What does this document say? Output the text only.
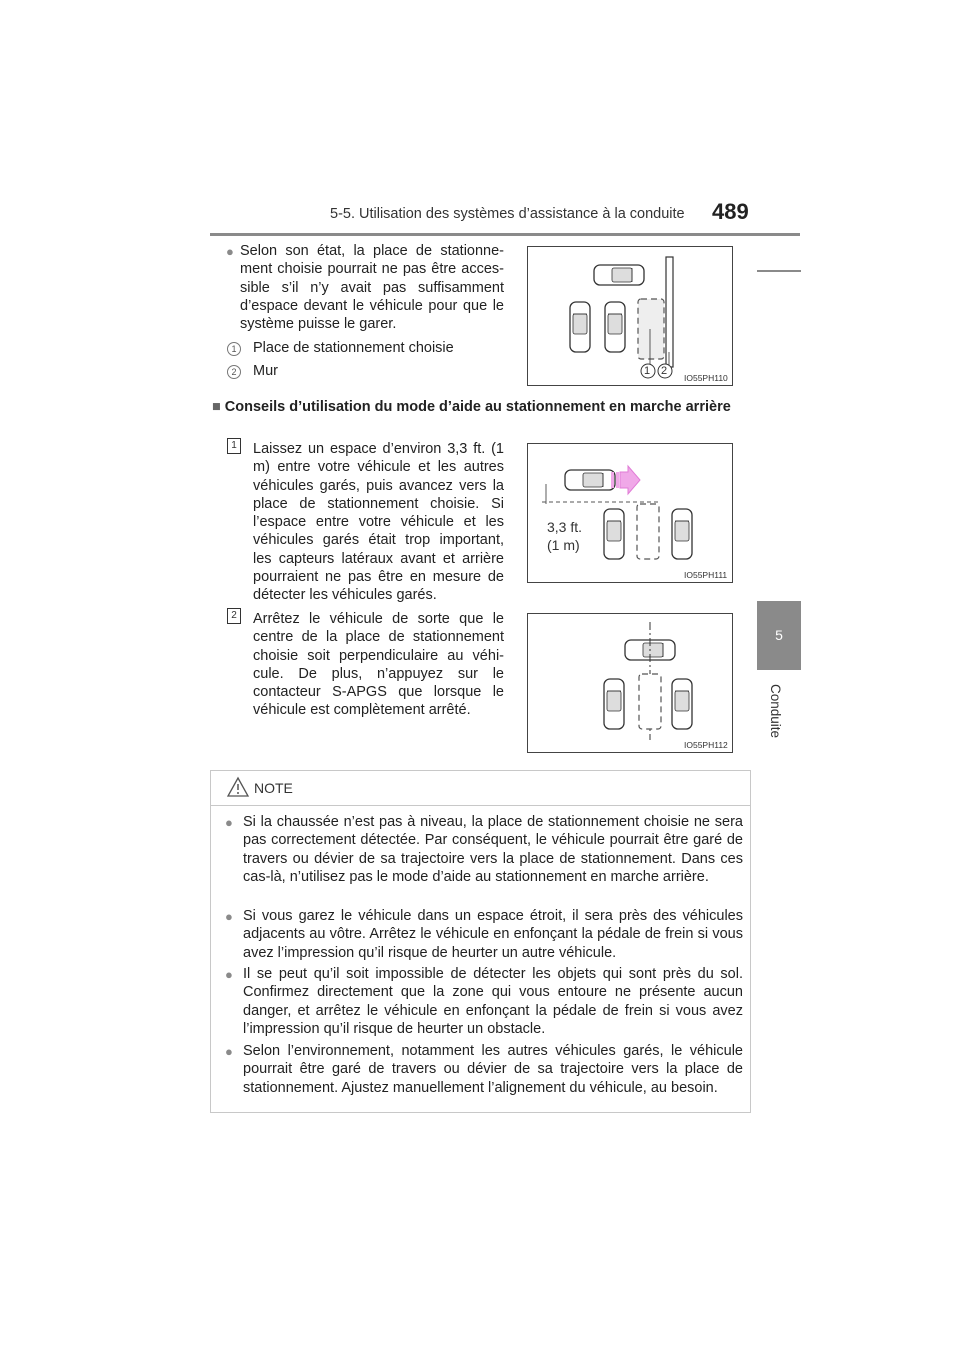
5-5. Utilisation des systèmes d’assistance à la conduite 489
5
Conduite
● Selon son état, la place de stationne-ment choisie pourrait ne pas être acces-sible s’il n’y avait pas suffisamment d’espace devant le véhicule pour que le système puisse le garer.
1	Place de stationnement choisie
2	Mur	1 2
IO55PH110
■ Conseils d’utilisation du mode d’aide au stationnement en marche arrière
1 Laissez un espace d’environ 3,3 ft. (1 m) entre votre véhicule et les autres véhicules garés, puis avancez vers la place de stationnement choisie. Si l’espace entre votre véhicule et les véhicules garés était trop important, les capteurs latéraux avant et arrière pourraient ne pas être en mesure de détecter les véhicules garés.
3,3 ft.
(1 m)
IO55PH111
2 Arrêtez le véhicule de sorte que le centre de la place de stationnement choisie soit perpendiculaire au véhi-cule. De plus, n’appuyez sur le contacteur S-APGS que lorsque le véhicule est complètement arrêté.
IO55PH112
NOTE
● Si la chaussée n’est pas à niveau, la place de stationnement choisie ne sera pas correctement détectée. Par conséquent, le véhicule pourrait être garé de travers ou dévier de sa trajectoire vers la place de stationnement. Dans ces cas-là, n’utilisez pas le mode d’aide au stationnement en marche arrière.
● Si vous garez le véhicule dans un espace étroit, il sera près des véhicules adjacents au vôtre. Arrêtez le véhicule en enfonçant la pédale de frein si vous avez l’impression qu’il risque de heurter un autre véhicule.
● Il se peut qu’il soit impossible de détecter les objets qui sont près du sol. Confirmez directement que la zone qui vous entoure ne présente aucun danger, et arrêtez le véhicule en enfonçant la pédale de frein si vous avez l’impression qu’il risque de heurter un obstacle.
● Selon l’environnement, notamment les autres véhicules garés, le véhicule pourrait être garé de travers ou dévier de sa trajectoire vers la place de stationnement. Ajustez manuellement l’alignement du véhicule, au besoin.
